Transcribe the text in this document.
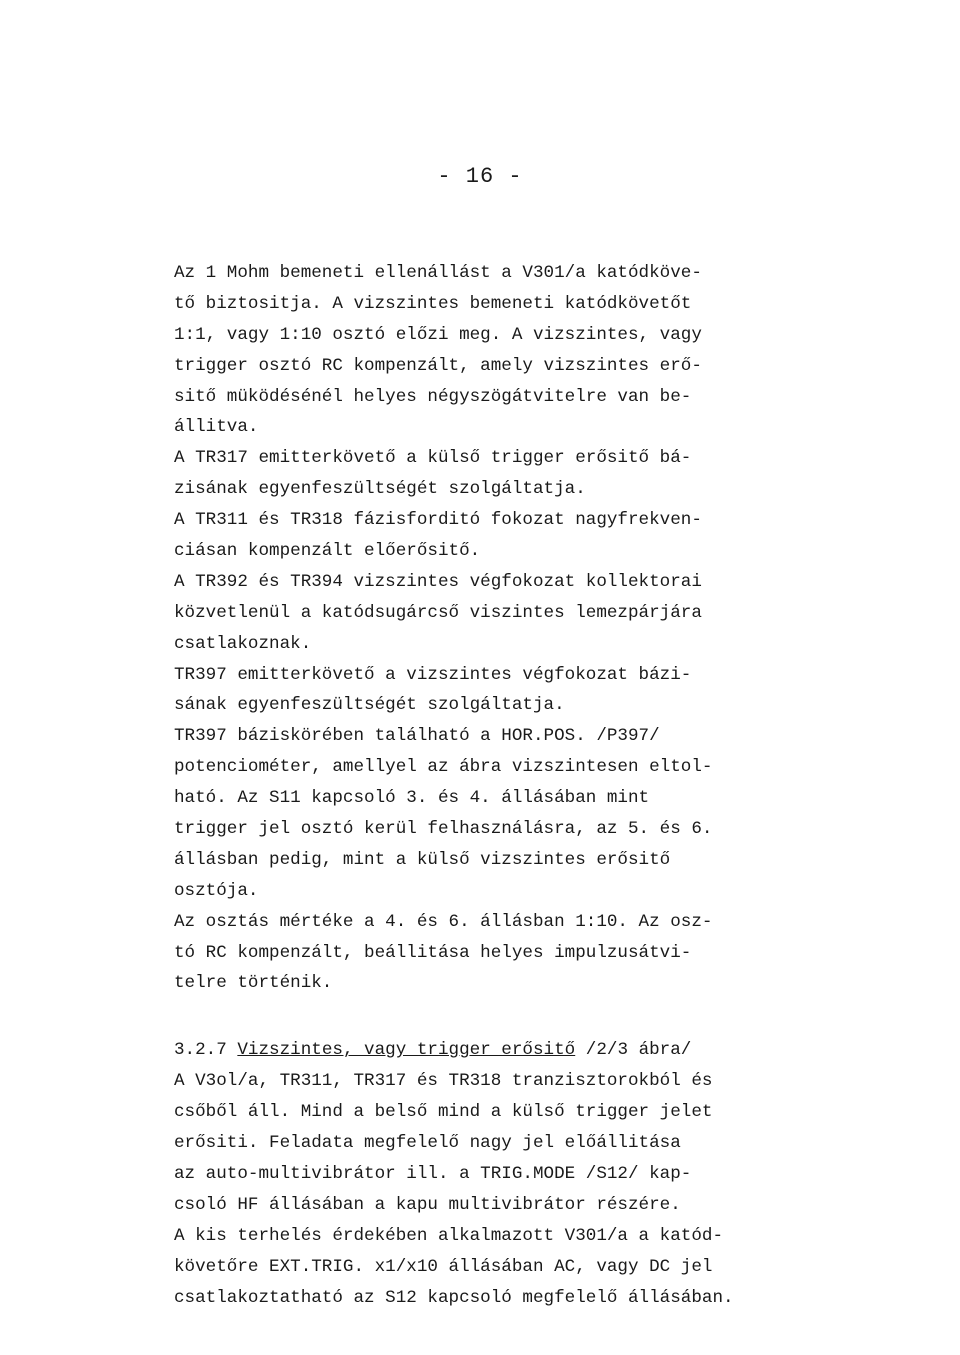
- 16 -
Az 1 Mohm bemeneti ellenállást a V301/a katódköve-
tő biztositja. A vizszintes bemeneti katódkövetőt
1:1, vagy 1:10 osztó előzi meg. A vizszintes, vagy
trigger osztó RC kompenzált, amely vizszintes erő-
sitő müködésénél helyes négyszögátvitelre van be-
állitva.
A TR317 emitterkövető a külső trigger erősitő bá-
zisának egyenfeszültségét szolgáltatja.
A TR311 és TR318 fázisforditó fokozat nagyfrekven-
ciásan kompenzált előerősitő.
A TR392 és TR394 vizszintes végfokozat kollektorai
közvetlenül a katódsugárcső viszintes lemezpárjára
csatlakoznak.
TR397 emitterkövető a vizszintes végfokozat bázi-
sának egyenfeszültségét szolgáltatja.
TR397 báziskörében található a HOR.POS. /P397/
potenciométer, amellyel az ábra vizszintesen eltol-
ható. Az S11 kapcsoló 3. és 4. állásában mint
trigger jel osztó kerül felhasználásra, az 5. és 6.
állásban pedig, mint a külső vizszintes erősitő
osztója.
Az osztás mértéke a 4. és 6. állásban 1:10. Az osz-
tó RC kompenzált, beállitása helyes impulzusátvi-
telre történik.
3.2.7 Vizszintes, vagy trigger erősitő /2/3 ábra/
A V3ol/a, TR311, TR317 és TR318 tranzisztorokból és
csőből áll. Mind a belső mind a külső trigger jelet
erősiti. Feladata megfelelő nagy jel előállitása
az auto-multivibrátor ill. a TRIG.MODE /S12/ kap-
csoló HF állásában a kapu multivibrátor részére.
A kis terhelés érdekében alkalmazott V301/a a katód-
követőre EXT.TRIG. x1/x10 állásában AC, vagy DC jel
csatlakoztatható az S12 kapcsoló megfelelő állásában.
